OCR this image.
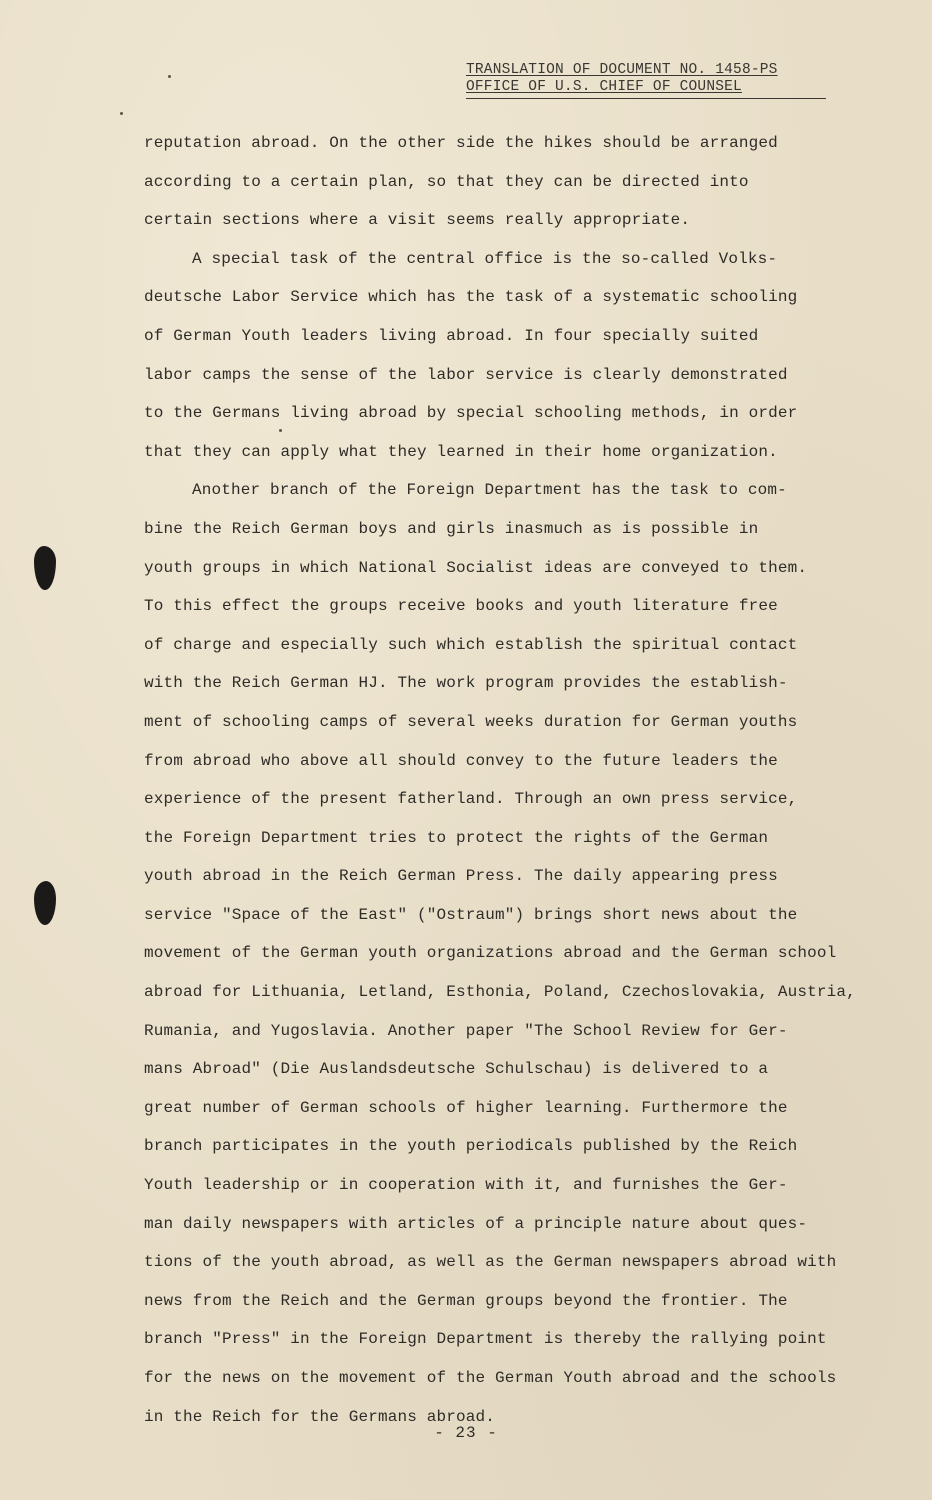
TRANSLATION OF DOCUMENT NO. 1458-PS
OFFICE OF U.S. CHIEF OF COUNSEL
reputation abroad. On the other side the hikes should be arranged
according to a certain plan, so that they can be directed into
certain sections where a visit seems really appropriate.
A special task of the central office is the so-called Volks-
deutsche Labor Service which has the task of a systematic schooling
of German Youth leaders living abroad. In four specially suited
labor camps the sense of the labor service is clearly demonstrated
to the Germans living abroad by special schooling methods, in order
that they can apply what they learned in their home organization.
Another branch of the Foreign Department has the task to com-
bine the Reich German boys and girls inasmuch as is possible in
youth groups in which National Socialist ideas are conveyed to them.
To this effect the groups receive books and youth literature free
of charge and especially such which establish the spiritual contact
with the Reich German HJ. The work program provides the establish-
ment of schooling camps of several weeks duration for German youths
from abroad who above all should convey to the future leaders the
experience of the present fatherland. Through an own press service,
the Foreign Department tries to protect the rights of the German
youth abroad in the Reich German Press. The daily appearing press
service "Space of the East" ("Ostraum") brings short news about the
movement of the German youth organizations abroad and the German school
abroad for Lithuania, Letland, Esthonia, Poland, Czechoslovakia, Austria,
Rumania, and Yugoslavia. Another paper "The School Review for Ger-
mans Abroad" (Die Auslandsdeutsche Schulschau) is delivered to a
great number of German schools of higher learning. Furthermore the
branch participates in the youth periodicals published by the Reich
Youth leadership or in cooperation with it, and furnishes the Ger-
man daily newspapers with articles of a principle nature about ques-
tions of the youth abroad, as well as the German newspapers abroad with
news from the Reich and the German groups beyond the frontier. The
branch "Press" in the Foreign Department is thereby the rallying point
for the news on the movement of the German Youth abroad and the schools
in the Reich for the Germans abroad.
- 23 -
